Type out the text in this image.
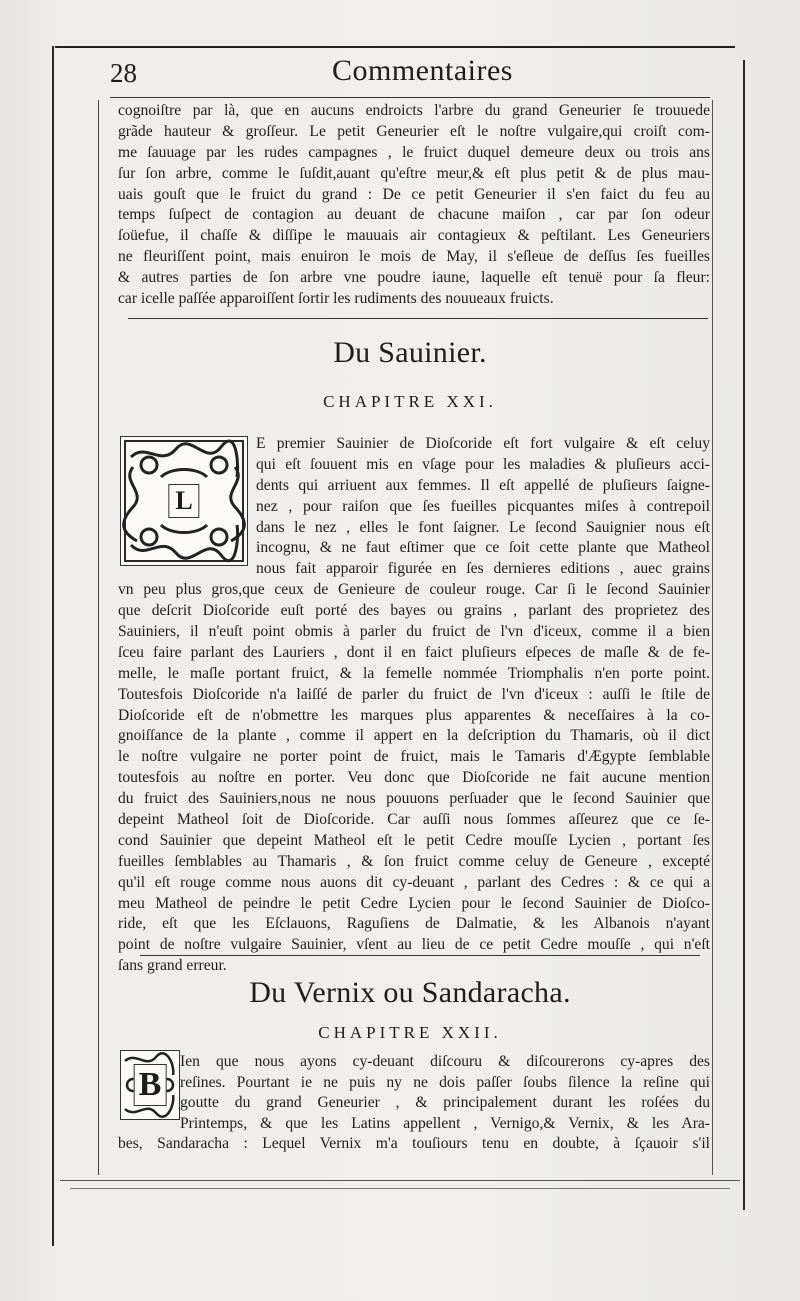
28	Commentaires
cognoiſtre par là, que en aucuns endroicts l'arbre du grand Geneurier ſe trouuede
grãde hauteur & groſſeur. Le petit Geneurier eſt le noſtre vulgaire,qui croiſt com-
me ſauuage par les rudes campagnes , le fruict duquel demeure deux ou trois ans
ſur ſon arbre, comme le ſuſdit,auant qu'eſtre meur,& eſt plus petit & de plus mau-
uais gouſt que le fruict du grand : De ce petit Geneurier il s'en faict du feu au
temps ſuſpect de contagion au deuant de chacune maiſon , car par ſon odeur
ſoüefue, il chaſſe & diſſipe le mauuais air contagieux & peſtilant. Les Geneuriers
ne fleuriſſent point, mais enuiron le mois de May, il s'eſleue de deſſus ſes fueilles
& autres parties de ſon arbre vne poudre iaune, laquelle eſt tenuë pour ſa fleur:
car icelle paſſée apparoiſſent ſortir les rudiments des nouueaux fruicts.
Du Sauinier.
CHAPITRE XXI.
L
E premier Sauinier de Dioſcoride eſt fort vulgaire & eſt celuy
qui eſt ſouuent mis en vſage pour les maladies & pluſieurs acci-
dents qui arriuent aux femmes. Il eſt appellé de pluſieurs ſaigne-
nez , pour raiſon que ſes fueilles picquantes miſes à contrepoil
dans le nez , elles le font ſaigner. Le ſecond Sauignier nous eſt
incognu, & ne faut eſtimer que ce ſoit cette plante que Matheol
nous fait apparoir figurée en ſes dernieres editions , auec grains
vn peu plus gros,que ceux de Genieure de couleur rouge. Car ſi le ſecond Sauinier
que deſcrit Dioſcoride euſt porté des bayes ou grains , parlant des proprietez des
Sauiniers, il n'euſt point obmis à parler du fruict de l'vn d'iceux, comme il a bien
ſceu faire parlant des Lauriers , dont il en faict pluſieurs eſpeces de maſle & de fe-
melle, le maſle portant fruict, & la femelle nommée Triomphalis n'en porte point.
Toutesfois Dioſcoride n'a laiſſé de parler du fruict de l'vn d'iceux : auſſi le ſtile de
Dioſcoride eſt de n'obmettre les marques plus apparentes & neceſſaires à la co-
gnoiſſance de la plante , comme il appert en la deſcription du Thamaris, où il dict
le noſtre vulgaire ne porter point de fruict, mais le Tamaris d'Ægypte ſemblable
toutesfois au noſtre en porter. Veu donc que Dioſcoride ne fait aucune mention
du fruict des Sauiniers,nous ne nous pouuons perſuader que le ſecond Sauinier que
depeint Matheol ſoit de Dioſcoride. Car auſſi nous ſommes aſſeurez que ce ſe-
cond Sauinier que depeint Matheol eſt le petit Cedre mouſſe Lycien , portant ſes
fueilles ſemblables au Thamaris , & ſon fruict comme celuy de Geneure , excepté
qu'il eſt rouge comme nous auons dit cy-deuant , parlant des Cedres : & ce qui a
meu Matheol de peindre le petit Cedre Lycien pour le ſecond Sauinier de Dioſco-
ride, eſt que les Eſclauons, Raguſiens de Dalmatie, & les Albanois n'ayant
point de noſtre vulgaire Sauinier, vſent au lieu de ce petit Cedre mouſſe , qui n'eſt
ſans grand erreur.
Du Vernix ou Sandaracha.
CHAPITRE XXII.
B
Ien que nous ayons cy-deuant diſcouru & diſcourerons cy-apres des
reſines. Pourtant ie ne puis ny ne dois paſſer ſoubs ſilence la reſine qui
goutte du grand Geneurier , & principalement durant les roſées du
Printemps, & que les Latins appellent , Vernigo,& Vernix, & les Ara-
bes, Sandaracha : Lequel Vernix m'a touſiours tenu en doubte, à ſçauoir s'il
